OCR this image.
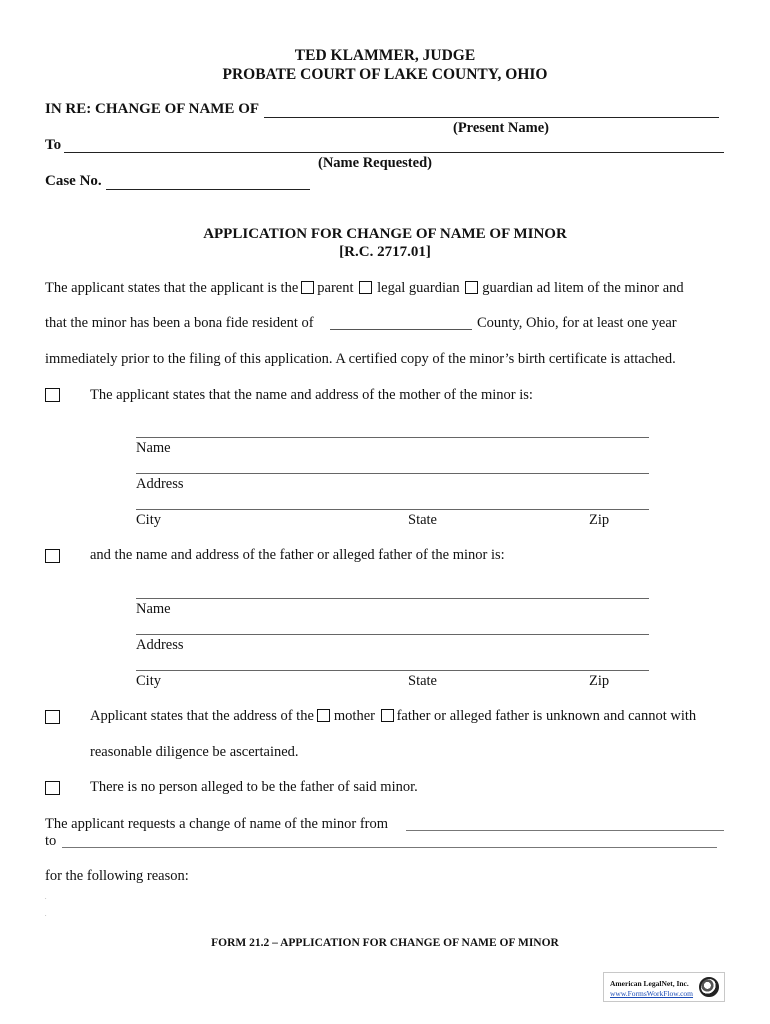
TED KLAMMER, JUDGE
PROBATE COURT OF LAKE COUNTY, OHIO
IN RE: CHANGE OF NAME OF
(Present Name)
To
(Name Requested)
Case No.
APPLICATION FOR CHANGE OF NAME OF MINOR
[R.C. 2717.01]
The applicant states that the applicant is the parent legal guardian guardian ad litem of the minor and
that the minor has been a bona fide resident of	County, Ohio, for at least one year
immediately prior to the filing of this application. A certified copy of the minor’s birth certificate is attached.
The applicant states that the name and address of the mother of the minor is:
Name
Address
City	State	Zip
and the name and address of the father or alleged father of the minor is:
Name
Address
City	State	Zip
Applicant states that the address of the mother father or alleged father is unknown and cannot with
reasonable diligence be ascertained.
There is no person alleged to be the father of said minor.
The applicant requests a change of name of the minor from
to
for the following reason:
.
.
FORM 21.2 – APPLICATION FOR CHANGE OF NAME OF MINOR
American LegalNet, Inc.
www.FormsWorkFlow.com
